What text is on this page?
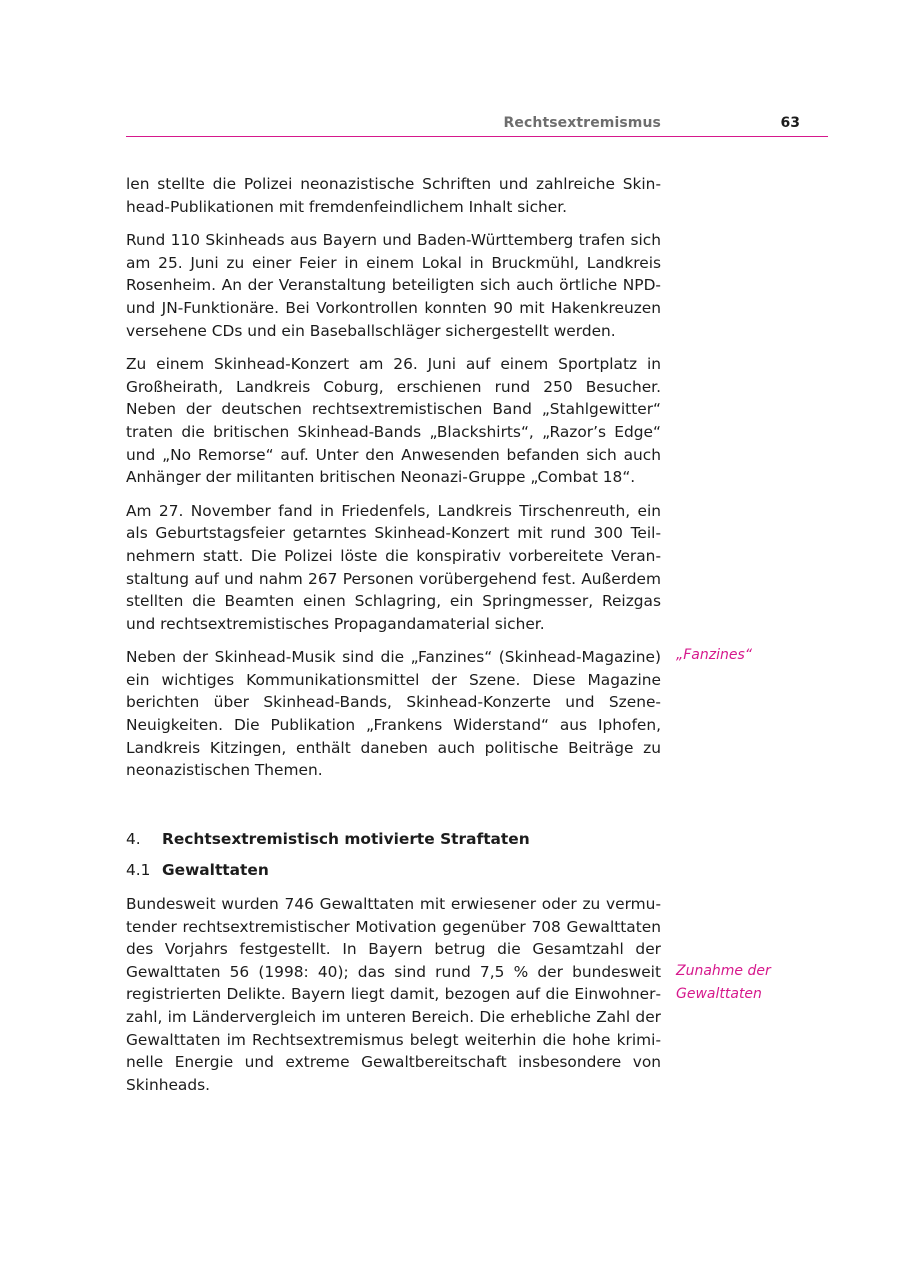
Rechtsextremismus	63

len stellte die Polizei neonazistische Schriften und zahlreiche Skinhead-Publikationen mit fremdenfeindlichem Inhalt sicher.

Rund 110 Skinheads aus Bayern und Baden-Württemberg trafen sich am 25. Juni zu einer Feier in einem Lokal in Bruckmühl, Landkreis Rosenheim. An der Veranstaltung beteiligten sich auch örtliche NPD- und JN-Funktionäre. Bei Vorkontrollen konnten 90 mit Hakenkreuzen versehene CDs und ein Baseballschläger sichergestellt werden.

Zu einem Skinhead-Konzert am 26. Juni auf einem Sportplatz in Großheirath, Landkreis Coburg, erschienen rund 250 Besucher. Neben der deutschen rechtsextremistischen Band „Stahlgewitter“ traten die britischen Skinhead-Bands „Blackshirts“, „Razor’s Edge“ und „No Remorse“ auf. Unter den Anwesenden befanden sich auch Anhänger der militanten britischen Neonazi-Gruppe „Combat 18“.

Am 27. November fand in Friedenfels, Landkreis Tirschenreuth, ein als Geburtstagsfeier getarntes Skinhead-Konzert mit rund 300 Teilnehmern statt. Die Polizei löste die konspirativ vorbereitete Veranstaltung auf und nahm 267 Personen vorübergehend fest. Außerdem stellten die Beamten einen Schlagring, ein Springmesser, Reizgas und rechtsextremistisches Propagandamaterial sicher.

„Fanzines“

Neben der Skinhead-Musik sind die „Fanzines“ (Skinhead-Magazine) ein wichtiges Kommunikationsmittel der Szene. Diese Magazine berichten über Skinhead-Bands, Skinhead-Konzerte und Szene-Neuigkeiten. Die Publikation „Frankens Widerstand“ aus Iphofen, Landkreis Kitzingen, enthält daneben auch politische Beiträge zu neonazistischen Themen.

4. Rechtsextremistisch motivierte Straftaten
4.1 Gewalttaten
Zunahme der
Gewalttaten

Bundesweit wurden 746 Gewalttaten mit erwiesener oder zu vermutender rechtsextremistischer Motivation gegenüber 708 Gewalttaten des Vorjahrs festgestellt. In Bayern betrug die Gesamtzahl der Gewalttaten 56 (1998: 40); das sind rund 7,5 % der bundesweit registrierten Delikte. Bayern liegt damit, bezogen auf die Einwohnerzahl, im Ländervergleich im unteren Bereich. Die erhebliche Zahl der Gewalttaten im Rechtsextremismus belegt weiterhin die hohe kriminelle Energie und extreme Gewaltbereitschaft insbesondere von Skinheads.
